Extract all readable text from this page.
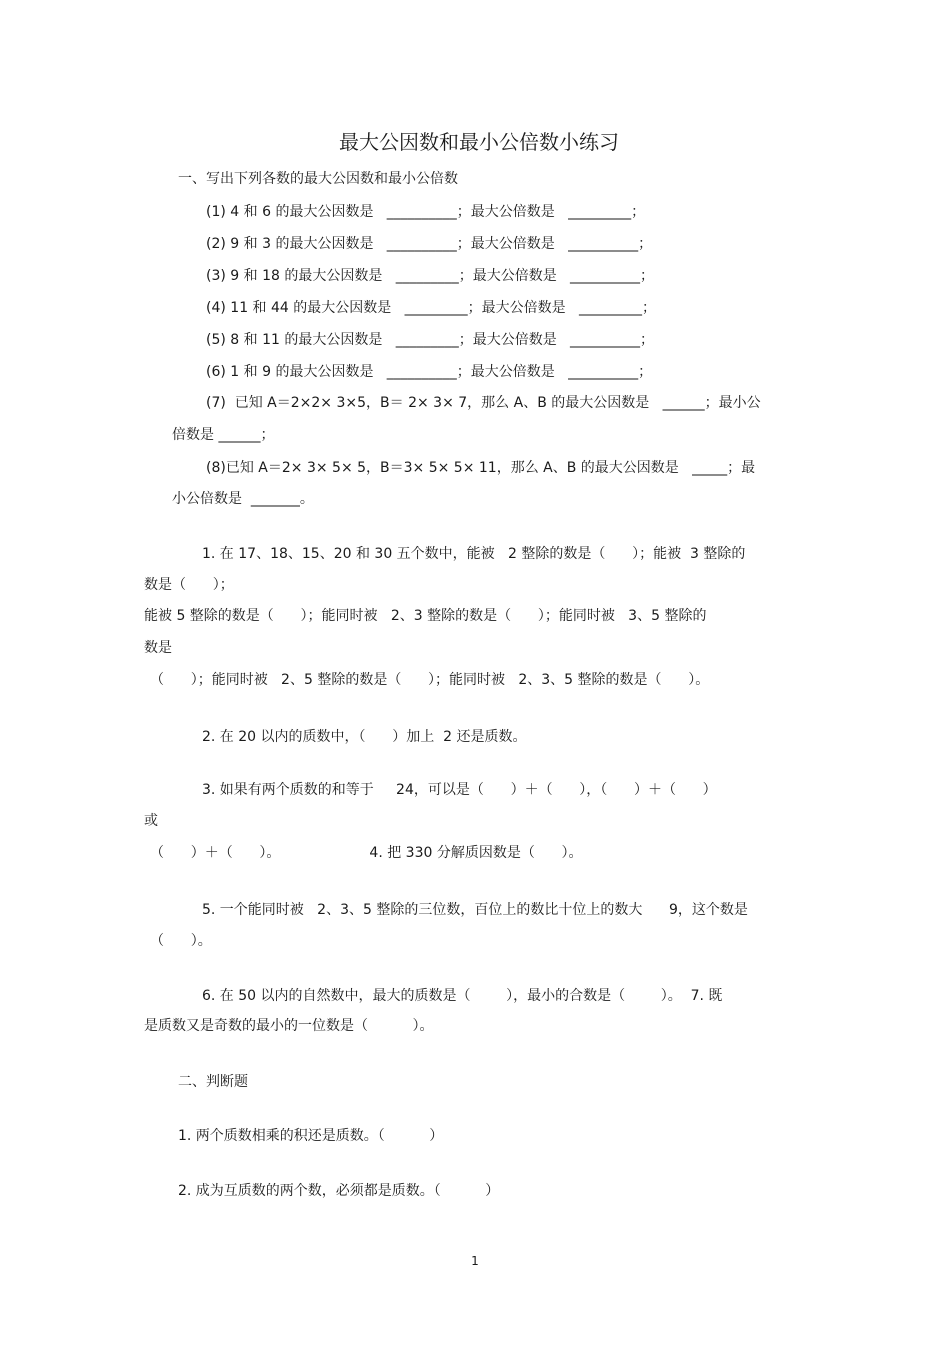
最大公因数和最小公倍数小练习
一、写出下列各数的最大公因数和最小公倍数
(1) 4 和 6 的最大公因数是   __________；最大公倍数是   _________；
(2) 9 和 3 的最大公因数是   __________；最大公倍数是   __________；
(3) 9 和 18 的最大公因数是   _________；最大公倍数是   __________；
(4) 11 和 44 的最大公因数是   _________；最大公倍数是   _________；
(5) 8 和 11 的最大公因数是   _________；最大公倍数是   __________；
(6) 1 和 9 的最大公因数是   __________；最大公倍数是   __________；
(7)  已知 A＝2×2× 3×5，B＝ 2× 3× 7，那么 A、B 的最大公因数是   ______；最小公
倍数是 ______；
(8)已知 A＝2× 3× 5× 5，B＝3× 5× 5× 11，那么 A、B 的最大公因数是   _____；最
小公倍数是  _______。
1. 在 17、18、15、20 和 30 五个数中，能被   2 整除的数是（      ）；能被  3 整除的
数是（      ）；
能被 5 整除的数是（      ）；能同时被   2、3 整除的数是（      ）；能同时被   3、5 整除的
数是
（      ）；能同时被   2、5 整除的数是（      ）；能同时被   2、3、5 整除的数是（      ）。
2. 在 20 以内的质数中，（      ）加上  2 还是质数。
3. 如果有两个质数的和等于     24，可以是（      ）＋（      ），（      ）＋（      ）
或
（      ）＋（      ）。                    4. 把 330 分解质因数是（      ）。
5. 一个能同时被   2、3、5 整除的三位数，百位上的数比十位上的数大      9，这个数是
（      ）。
6. 在 50 以内的自然数中，最大的质数是（        ），最小的合数是（        ）。  7. 既
是质数又是奇数的最小的一位数是（          ）。
二、判断题
1. 两个质数相乘的积还是质数。（          ）
2. 成为互质数的两个数，必须都是质数。（          ）
1
